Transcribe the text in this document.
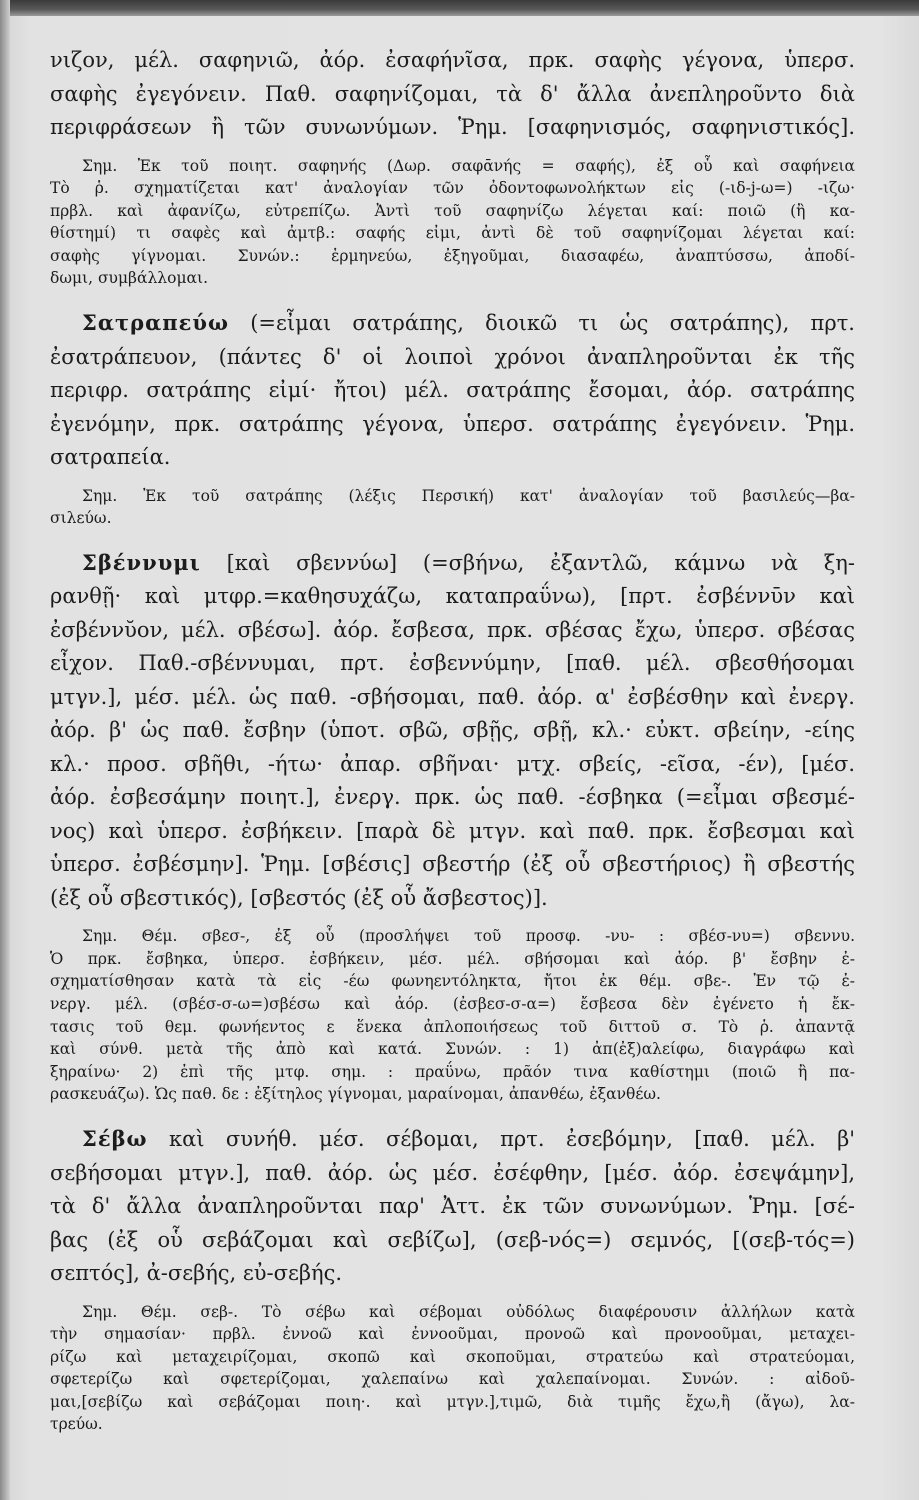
νιζον, μέλ. σαφηνιῶ, ἀόρ. ἐσαφήνῖσα, πρκ. σαφὴς γέγονα, ὑπερσ.
σαφὴς ἐγεγόνειν. Παθ. σαφηνίζομαι, τὰ δ' ἄλλα ἀνεπληροῦντο διὰ
περιφράσεων ἢ τῶν συνωνύμων. Ῥημ. [σαφηνισμός, σαφηνιστικός].
Σημ. Ἐκ τοῦ ποιητ. σαφηνής (Δωρ. σαφᾱνής = σαφής), ἐξ οὗ καὶ σαφήνεια
Τὸ ῥ. σχηματίζεται κατ' ἀναλογίαν τῶν ὀδοντοφωνολήκτων εἰς (-ιδ-j-ω=) -ιζω·
πρβλ. καὶ ἀφανίζω, εὐτρεπίζω. Ἀντὶ τοῦ σαφηνίζω λέγεται καί: ποιῶ (ἢ κα-
θίστημί) τι σαφὲς καὶ ἀμτβ.: σαφής εἰμι, ἀντὶ δὲ τοῦ σαφηνίζομαι λέγεται καί:
σαφὴς γίγνομαι. Συνών.: ἑρμηνεύω, ἐξηγοῦμαι, διασαφέω, ἀναπτύσσω, ἀποδί-
δωμι, συμβάλλομαι.
Σατραπεύω (=εἶμαι σατράπης, διοικῶ τι ὡς σατράπης), πρτ.
ἐσατράπευον, (πάντες δ' οἱ λοιποὶ χρόνοι ἀναπληροῦνται ἐκ τῆς
περιφρ. σατράπης εἰμί· ἤτοι) μέλ. σατράπης ἔσομαι, ἀόρ. σατράπης
ἐγενόμην, πρκ. σατράπης γέγονα, ὑπερσ. σατράπης ἐγεγόνειν. Ῥημ.
σατραπεία.
Σημ. Ἐκ τοῦ σατράπης (λέξις Περσική) κατ' ἀναλογίαν τοῦ βασιλεύς—βα-
σιλεύω.
Σβέννυμι [καὶ σβεννύω] (=σβήνω, ἐξαντλῶ, κάμνω νὰ ξη-
ρανθῇ· καὶ μτφρ.=καθησυχάζω, καταπραΰνω), [πρτ. ἐσβέννῡν καὶ
ἐσβέννῠον, μέλ. σβέσω]. ἀόρ. ἔσβεσα, πρκ. σβέσας ἔχω, ὑπερσ. σβέσας
εἶχον. Παθ.-σβέννυμαι, πρτ. ἐσβεννύμην, [παθ. μέλ. σβεσθήσομαι
μτγν.], μέσ. μέλ. ὡς παθ. -σβήσομαι, παθ. ἀόρ. α' ἐσβέσθην καὶ ἐνεργ.
ἀόρ. β' ὡς παθ. ἔσβην (ὑποτ. σβῶ, σβῇς, σβῇ, κλ.· εὐκτ. σβείην, -είης
κλ.· προσ. σβῆθι, -ήτω· ἀπαρ. σβῆναι· μτχ. σβείς, -εῖσα, -έν), [μέσ.
ἀόρ. ἐσβεσάμην ποιητ.], ἐνεργ. πρκ. ὡς παθ. -έσβηκα (=εἶμαι σβεσμέ-
νος) καὶ ὑπερσ. ἐσβήκειν. [παρὰ δὲ μτγν. καὶ παθ. πρκ. ἔσβεσμαι καὶ
ὑπερσ. ἐσβέσμην]. Ῥημ. [σβέσις] σβεστήρ (ἐξ οὗ σβεστήριος) ἢ σβεστής
(ἐξ οὗ σβεστικός), [σβεστός (ἐξ οὗ ἄσβεστος)].
Σημ. Θέμ. σβεσ-, ἐξ οὗ (προσλήψει τοῦ προσφ. -νυ- : σβέσ-νυ=) σβεννυ.
Ὁ πρκ. ἔσβηκα, ὑπερσ. ἐσβήκειν, μέσ. μέλ. σβήσομαι καὶ ἀόρ. β' ἔσβην ἐ-
σχηματίσθησαν κατὰ τὰ εἰς -έω φωνηεντόληκτα, ἤτοι ἐκ θέμ. σβε-. Ἐν τῷ ἐ-
νεργ. μέλ. (σβέσ-σ-ω=)σβέσω καὶ ἀόρ. (ἐσβεσ-σ-α=) ἔσβεσα δὲν ἐγένετο ἡ ἔκ-
τασις τοῦ θεμ. φωνήεντος ε ἕνεκα ἀπλοποιήσεως τοῦ διττοῦ σ. Τὸ ῥ. ἀπαντᾷ
καὶ σύνθ. μετὰ τῆς ἀπὸ καὶ κατά. Συνών. : 1) ἀπ(ἐξ)αλείφω, διαγράφω καὶ
ξηραίνω· 2) ἐπὶ τῆς μτφ. σημ. : πραΰνω, πρᾶόν τινα καθίστημι (ποιῶ ἢ πα-
ρασκευάζω). Ὡς παθ. δε : ἐξίτηλος γίγνομαι, μαραίνομαι, ἀπανθέω, ἐξανθέω.
Σέβω καὶ συνήθ. μέσ. σέβομαι, πρτ. ἐσεβόμην, [παθ. μέλ. β'
σεβήσομαι μτγν.], παθ. ἀόρ. ὡς μέσ. ἐσέφθην, [μέσ. ἀόρ. ἐσεψάμην],
τὰ δ' ἄλλα ἀναπληροῦνται παρ' Ἀττ. ἐκ τῶν συνωνύμων. Ῥημ. [σέ-
βας (ἐξ οὗ σεβάζομαι καὶ σεβίζω], (σεβ-νός=) σεμνός, [(σεβ-τός=)
σεπτός], ἀ-σεβής, εὐ-σεβής.
Σημ. Θέμ. σεβ-. Τὸ σέβω καὶ σέβομαι οὐδόλως διαφέρουσιν ἀλλήλων κατὰ
τὴν σημασίαν· πρβλ. ἐννοῶ καὶ ἐννοοῦμαι, προνοῶ καὶ προνοοῦμαι, μεταχει-
ρίζω καὶ μεταχειρίζομαι, σκοπῶ καὶ σκοποῦμαι, στρατεύω καὶ στρατεύομαι,
σφετερίζω καὶ σφετερίζομαι, χαλεπαίνω καὶ χαλεπαίνομαι. Συνών. : αἰδοῦ-
μαι,[σεβίζω καὶ σεβάζομαι ποιη·. καὶ μτγν.],τιμῶ, διὰ τιμῆς ἔχω,ἢ (ἄγω), λα-
τρεύω.
